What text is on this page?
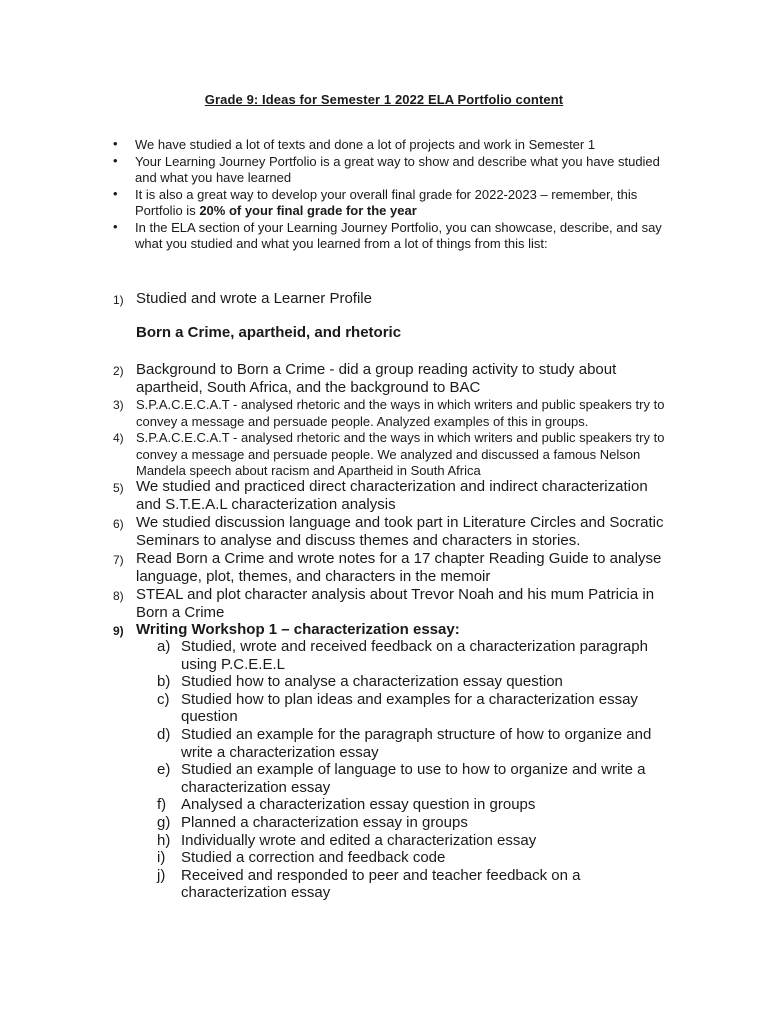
Grade 9: Ideas for Semester 1 2022 ELA Portfolio content
• We have studied a lot of texts and done a lot of projects and work in Semester 1
• Your Learning Journey Portfolio is a great way to show and describe what you have studied and what you have learned
• It is also a great way to develop your overall final grade for 2022-2023 – remember, this Portfolio is 20% of your final grade for the year
• In the ELA section of your Learning Journey Portfolio, you can showcase, describe, and say what you studied and what you learned from a lot of things from this list:
1) Studied and wrote a Learner Profile
Born a Crime, apartheid, and rhetoric
2) Background to Born a Crime - did a group reading activity to study about apartheid, South Africa, and the background to BAC
3) S.P.A.C.E.C.A.T - analysed rhetoric and the ways in which writers and public speakers try to convey a message and persuade people. Analyzed examples of this in groups.
4) S.P.A.C.E.C.A.T - analysed rhetoric and the ways in which writers and public speakers try to convey a message and persuade people. We analyzed and discussed a famous Nelson Mandela speech about racism and Apartheid in South Africa
5) We studied and practiced direct characterization and indirect characterization and S.T.E.A.L characterization analysis
6) We studied discussion language and took part in Literature Circles and Socratic Seminars to analyse and discuss themes and characters in stories.
7) Read Born a Crime and wrote notes for a 17 chapter Reading Guide to analyse language, plot, themes, and characters in the memoir
8) STEAL and plot character analysis about Trevor Noah and his mum Patricia in Born a Crime
9) Writing Workshop 1 – characterization essay:
a) Studied, wrote and received feedback on a characterization paragraph using P.C.E.E.L
b) Studied how to analyse a characterization essay question
c) Studied how to plan ideas and examples for a characterization essay question
d) Studied an example for the paragraph structure of how to organize and write a characterization essay
e) Studied an example of language to use to how to organize and write a characterization essay
f) Analysed a characterization essay question in groups
g) Planned a characterization essay in groups
h) Individually wrote and edited a characterization essay
i) Studied a correction and feedback code
j) Received and responded to peer and teacher feedback on a characterization essay
